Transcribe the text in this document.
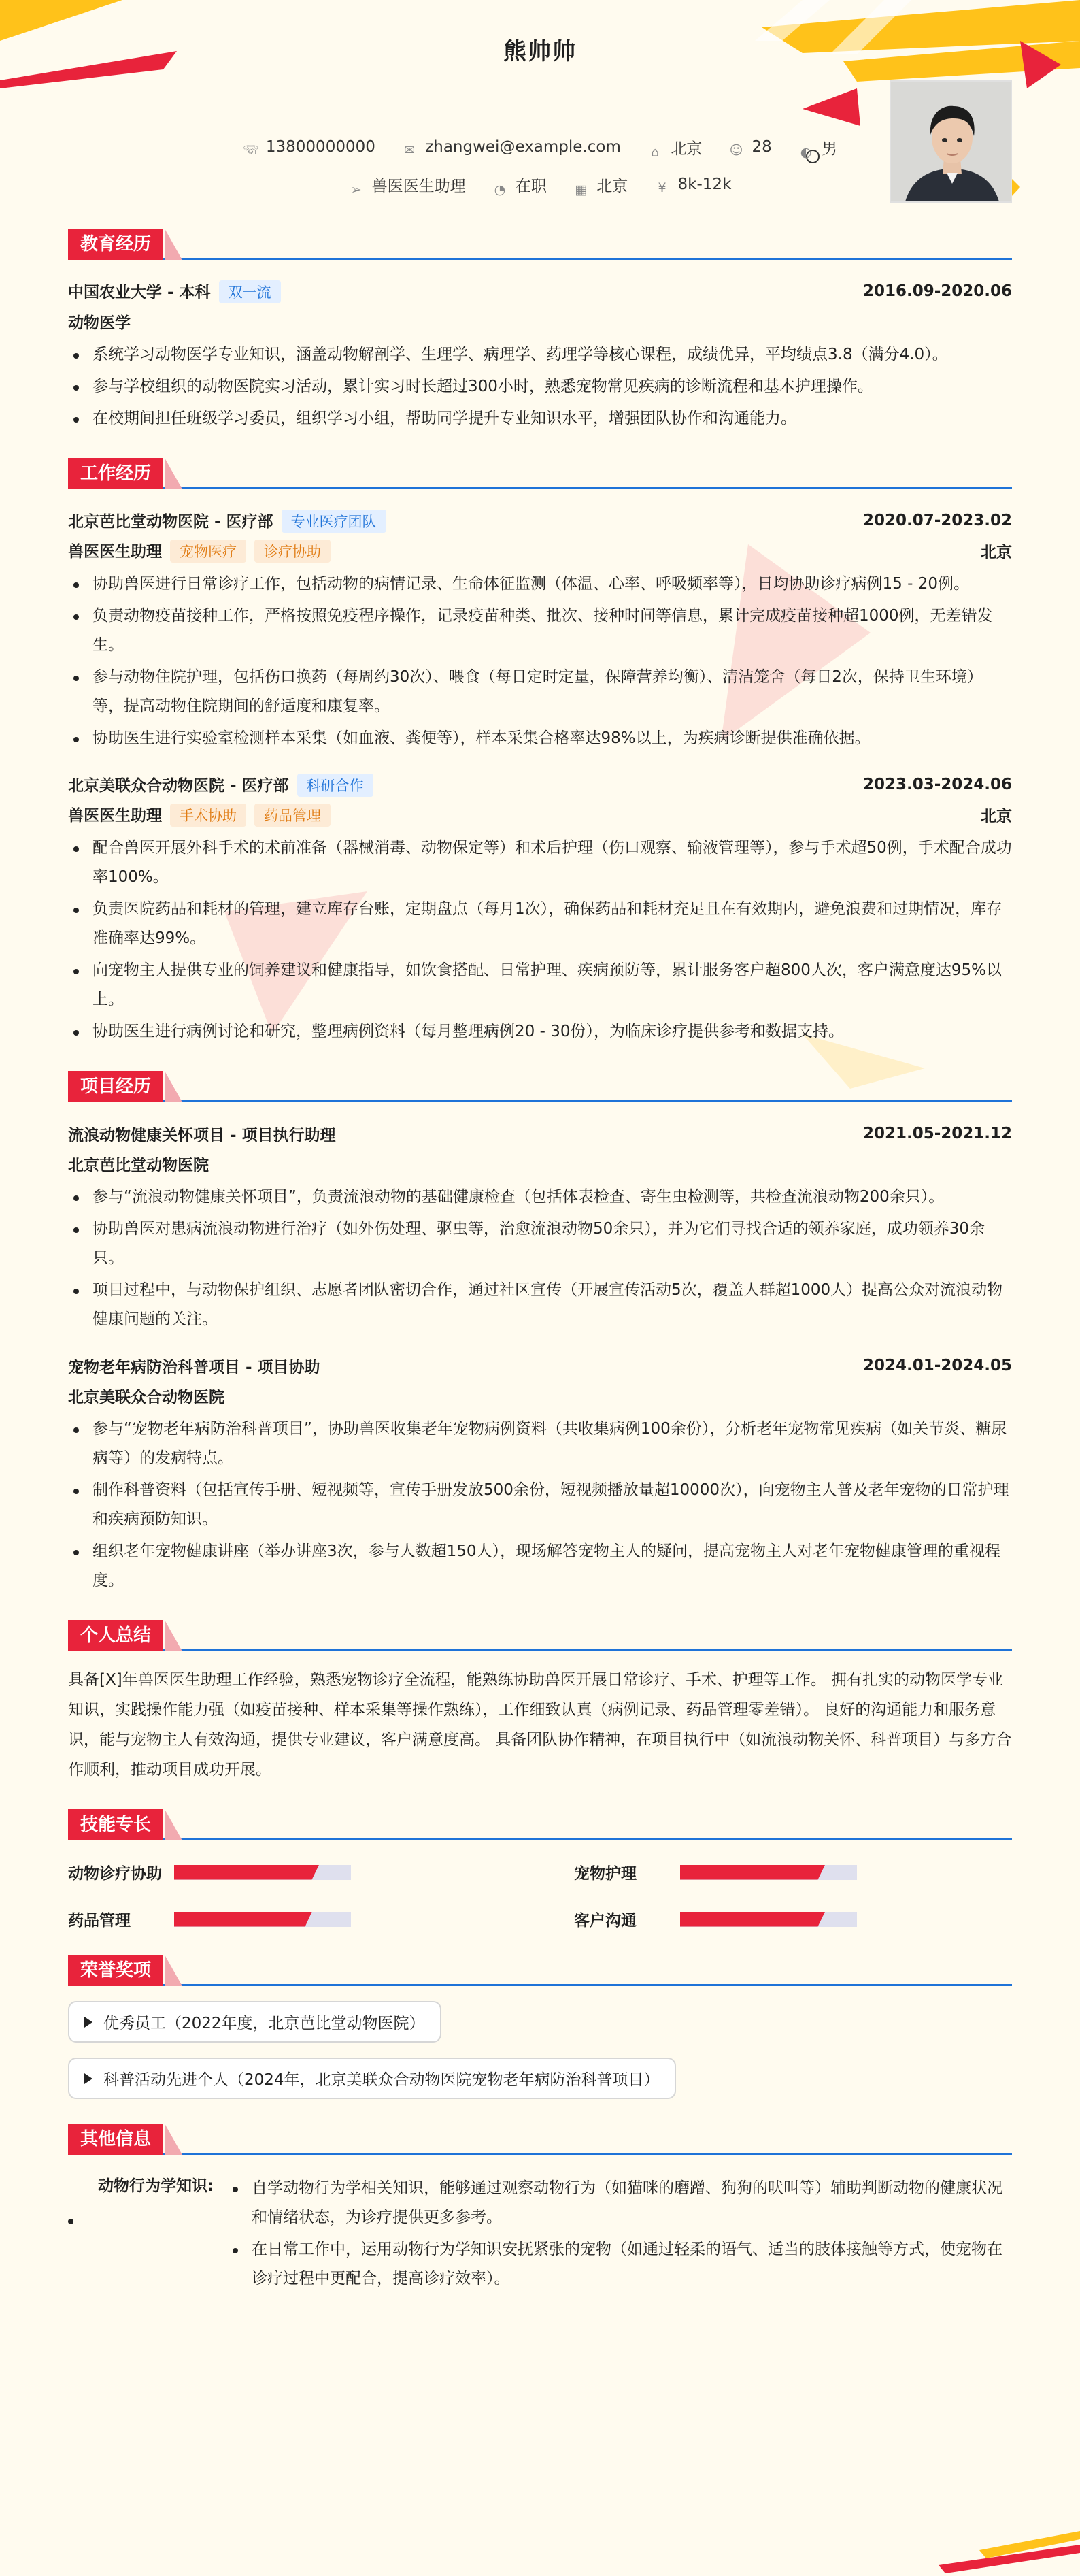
熊帅帅
☏ 13800000000 ✉ zhangwei@example.com ⌂ 北京 ☺ 28 ◐ 男
➢ 兽医医生助理 ◔ 在职 ▦ 北京 ¥ 8k-12k
教育经历
中国农业大学 - 本科 双一流	2016.09-2020.06
动物医学
系统学习动物医学专业知识，涵盖动物解剖学、生理学、病理学、药理学等核心课程，成绩优异，平均绩点3.8（满分4.0）。
参与学校组织的动物医院实习活动，累计实习时长超过300小时，熟悉宠物常见疾病的诊断流程和基本护理操作。
在校期间担任班级学习委员，组织学习小组，帮助同学提升专业知识水平，增强团队协作和沟通能力。
工作经历
北京芭比堂动物医院 - 医疗部 专业医疗团队	2020.07-2023.02
兽医医生助理 宠物医疗 诊疗协助	北京
协助兽医进行日常诊疗工作，包括动物的病情记录、生命体征监测（体温、心率、呼吸频率等），日均协助诊疗病例15 - 20例。
负责动物疫苗接种工作，严格按照免疫程序操作，记录疫苗种类、批次、接种时间等信息，累计完成疫苗接种超1000例，无差错发生。
参与动物住院护理，包括伤口换药（每周约30次）、喂食（每日定时定量，保障营养均衡）、清洁笼舍（每日2次，保持卫生环境）等，提高动物住院期间的舒适度和康复率。
协助医生进行实验室检测样本采集（如血液、粪便等），样本采集合格率达98%以上，为疾病诊断提供准确依据。
北京美联众合动物医院 - 医疗部 科研合作	2023.03-2024.06
兽医医生助理 手术协助 药品管理	北京
配合兽医开展外科手术的术前准备（器械消毒、动物保定等）和术后护理（伤口观察、输液管理等），参与手术超50例，手术配合成功率100%。
负责医院药品和耗材的管理，建立库存台账，定期盘点（每月1次），确保药品和耗材充足且在有效期内，避免浪费和过期情况，库存准确率达99%。
向宠物主人提供专业的饲养建议和健康指导，如饮食搭配、日常护理、疾病预防等，累计服务客户超800人次，客户满意度达95%以上。
协助医生进行病例讨论和研究，整理病例资料（每月整理病例20 - 30份），为临床诊疗提供参考和数据支持。
项目经历
流浪动物健康关怀项目 - 项目执行助理	2021.05-2021.12
北京芭比堂动物医院
参与“流浪动物健康关怀项目”，负责流浪动物的基础健康检查（包括体表检查、寄生虫检测等，共检查流浪动物200余只）。
协助兽医对患病流浪动物进行治疗（如外伤处理、驱虫等，治愈流浪动物50余只），并为它们寻找合适的领养家庭，成功领养30余只。
项目过程中，与动物保护组织、志愿者团队密切合作，通过社区宣传（开展宣传活动5次，覆盖人群超1000人）提高公众对流浪动物健康问题的关注。
宠物老年病防治科普项目 - 项目协助	2024.01-2024.05
北京美联众合动物医院
参与“宠物老年病防治科普项目”，协助兽医收集老年宠物病例资料（共收集病例100余份），分析老年宠物常见疾病（如关节炎、糖尿病等）的发病特点。
制作科普资料（包括宣传手册、短视频等，宣传手册发放500余份，短视频播放量超10000次），向宠物主人普及老年宠物的日常护理和疾病预防知识。
组织老年宠物健康讲座（举办讲座3次，参与人数超150人），现场解答宠物主人的疑问，提高宠物主人对老年宠物健康管理的重视程度。
个人总结
具备[X]年兽医医生助理工作经验，熟悉宠物诊疗全流程，能熟练协助兽医开展日常诊疗、手术、护理等工作。 拥有扎实的动物医学专业知识，实践操作能力强（如疫苗接种、样本采集等操作熟练），工作细致认真（病例记录、药品管理零差错）。 良好的沟通能力和服务意识，能与宠物主人有效沟通，提供专业建议，客户满意度高。 具备团队协作精神，在项目执行中（如流浪动物关怀、科普项目）与多方合作顺利，推动项目成功开展。
技能专长
动物诊疗协助	宠物护理
药品管理	客户沟通
荣誉奖项
优秀员工（2022年度，北京芭比堂动物医院）
科普活动先进个人（2024年，北京美联众合动物医院宠物老年病防治科普项目）
其他信息
动物行为学知识:	自学动物行为学相关知识，能够通过观察动物行为（如猫咪的磨蹭、狗狗的吠叫等）辅助判断动物的健康状况和情绪状态，为诊疗提供更多参考。
在日常工作中，运用动物行为学知识安抚紧张的宠物（如通过轻柔的语气、适当的肢体接触等方式，使宠物在诊疗过程中更配合，提高诊疗效率）。
